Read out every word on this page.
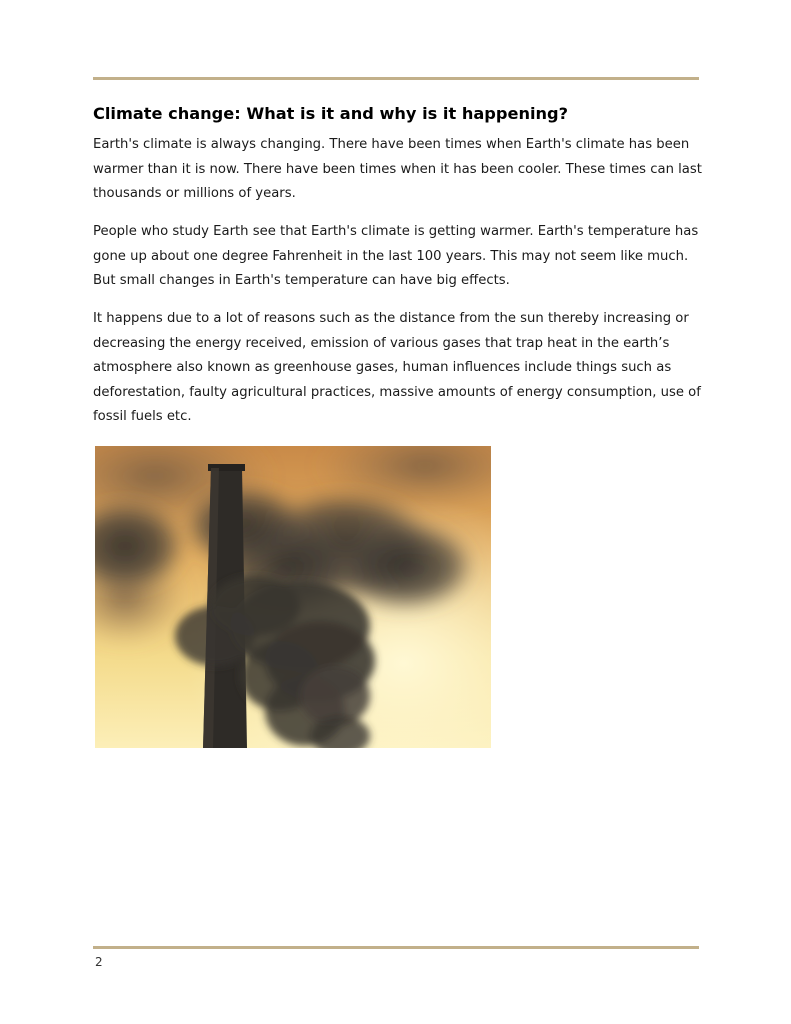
Climate change: What is it and why is it happening?

Earth's climate is always changing. There have been times when Earth's climate has been warmer than it is now. There have been times when it has been cooler. These times can last thousands or millions of years.

People who study Earth see that Earth's climate is getting warmer. Earth's temperature has gone up about one degree Fahrenheit in the last 100 years. This may not seem like much. But small changes in Earth's temperature can have big effects.

It happens due to a lot of reasons such as the distance from the sun thereby increasing or decreasing the energy received, emission of various gases that trap heat in the earth’s atmosphere also known as greenhouse gases, human influences include things such as deforestation, faulty agricultural practices, massive amounts of energy consumption, use of fossil fuels etc.

2
